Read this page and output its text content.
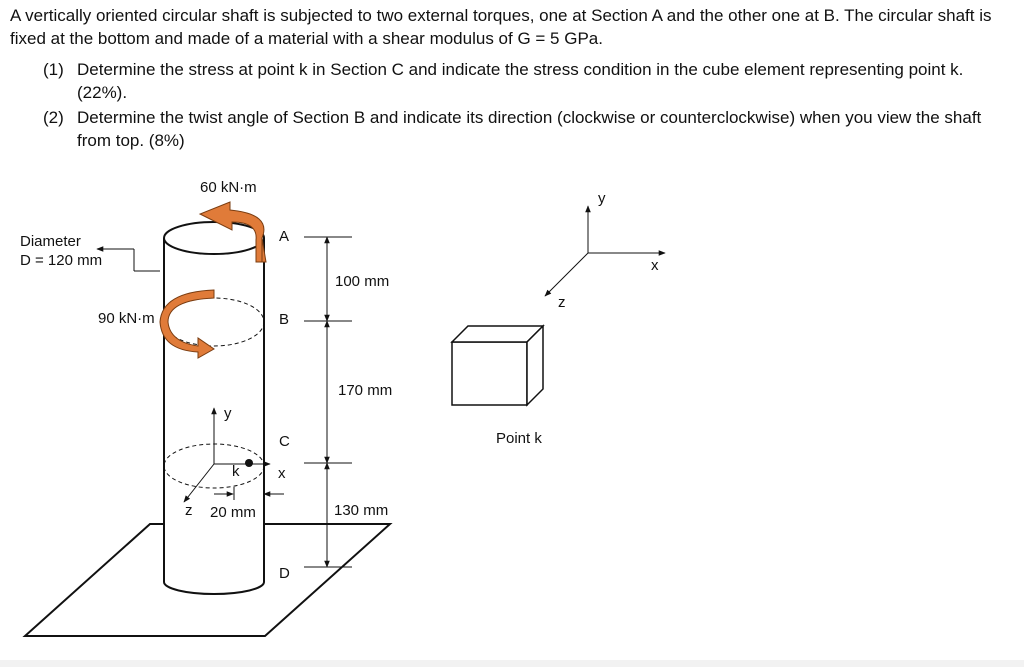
A vertically oriented circular shaft is subjected to two external torques, one at Section A and the other one at B. The circular shaft is fixed at the bottom and made of a material with a shear modulus of G = 5 GPa.

(1) Determine the stress at point k in Section C and indicate the stress condition in the cube element representing point k. (22%).
(2) Determine the twist angle of Section B and indicate its direction (clockwise or counterclockwise) when you view the shaft from top. (8%)
60 kN·m
90 kN·m
Diameter
D = 120 mm
A
B
C
D
100 mm
170 mm
130 mm
y
x
z
k
20 mm
y
x
z
Point k
